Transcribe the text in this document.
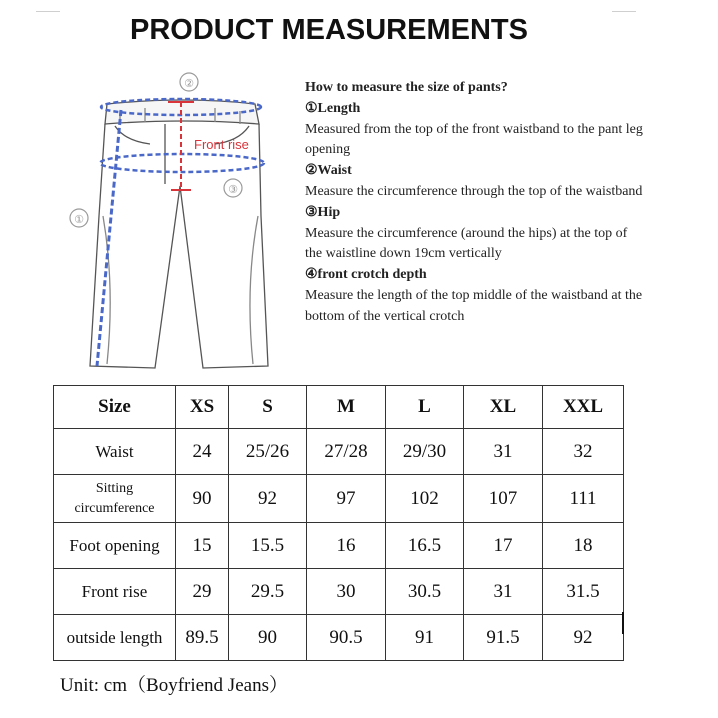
PRODUCT MEASUREMENTS
Front rise
①
②
③
How to measure the size of pants?
①Length
Measured from the top of the front waistband to the pant leg
opening
②Waist
Measure the circumference through the top of the waistband
③Hip
Measure the circumference (around the hips) at the top of
the waistline down 19cm vertically
④front crotch depth
Measure the length of the top middle of the waistband at the
bottom of the vertical crotch
Size	XS	S	M	L	XL	XXL
Waist	24	25/26	27/28	29/30	31	32

Sitting
circumference	90	92	97	102	107	111
Foot opening	15	15.5	16	16.5	17	18
Front rise	29	29.5	30	30.5	31	31.5
outside length	89.5	90	90.5	91	91.5	92
Unit: cm（Boyfriend Jeans）
